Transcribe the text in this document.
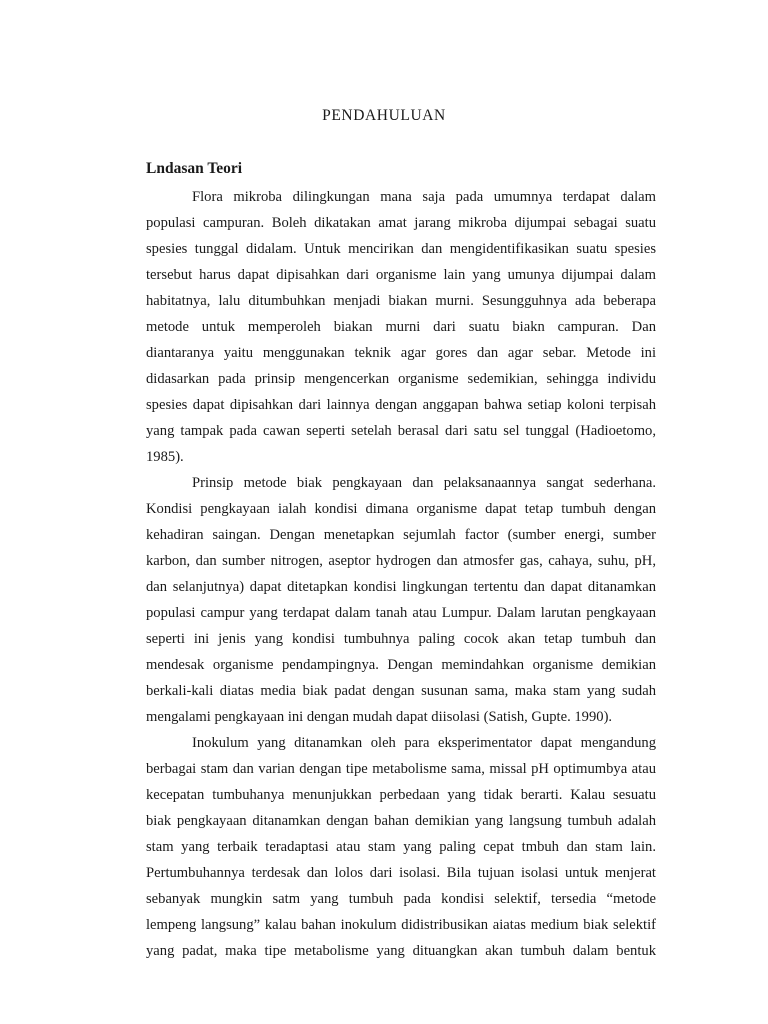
PENDAHULUAN
Lndasan Teori
Flora mikroba dilingkungan mana saja pada umumnya terdapat dalam
populasi campuran. Boleh dikatakan amat jarang mikroba dijumpai sebagai suatu
spesies tunggal didalam. Untuk mencirikan dan mengidentifikasikan suatu spesies
tersebut harus dapat dipisahkan dari organisme lain yang umunya dijumpai dalam
habitatnya, lalu ditumbuhkan menjadi biakan murni. Sesungguhnya ada beberapa
metode untuk memperoleh biakan murni dari suatu biakn campuran. Dan
diantaranya yaitu menggunakan teknik agar gores dan agar sebar. Metode ini
didasarkan pada prinsip mengencerkan organisme sedemikian, sehingga individu
spesies dapat dipisahkan dari lainnya dengan anggapan bahwa setiap koloni terpisah
yang tampak pada cawan seperti setelah berasal dari satu sel tunggal (Hadioetomo,
1985).
Prinsip metode biak pengkayaan dan pelaksanaannya sangat sederhana.
Kondisi pengkayaan ialah kondisi dimana organisme dapat tetap tumbuh dengan
kehadiran saingan. Dengan menetapkan sejumlah factor (sumber energi, sumber
karbon, dan sumber nitrogen, aseptor hydrogen dan atmosfer gas, cahaya, suhu, pH,
dan selanjutnya) dapat ditetapkan kondisi lingkungan tertentu dan dapat ditanamkan
populasi campur yang terdapat dalam tanah atau Lumpur. Dalam larutan pengkayaan
seperti ini jenis yang kondisi tumbuhnya paling cocok akan tetap tumbuh dan
mendesak organisme pendampingnya. Dengan memindahkan organisme demikian
berkali-kali diatas media biak padat dengan susunan sama, maka stam yang sudah
mengalami pengkayaan ini dengan mudah dapat diisolasi (Satish, Gupte. 1990).
Inokulum yang ditanamkan oleh para eksperimentator dapat mengandung
berbagai stam dan varian dengan tipe metabolisme sama, missal pH optimumbya atau
kecepatan tumbuhanya menunjukkan perbedaan yang tidak berarti. Kalau sesuatu
biak pengkayaan ditanamkan dengan bahan demikian yang langsung tumbuh adalah
stam yang terbaik teradaptasi atau stam yang paling cepat tmbuh dan stam lain.
Pertumbuhannya terdesak dan lolos dari isolasi. Bila tujuan isolasi untuk menjerat
sebanyak mungkin satm yang tumbuh pada kondisi selektif, tersedia “metode
lempeng langsung” kalau bahan inokulum didistribusikan aiatas medium biak selektif
yang padat, maka tipe metabolisme yang dituangkan akan tumbuh dalam bentuk
